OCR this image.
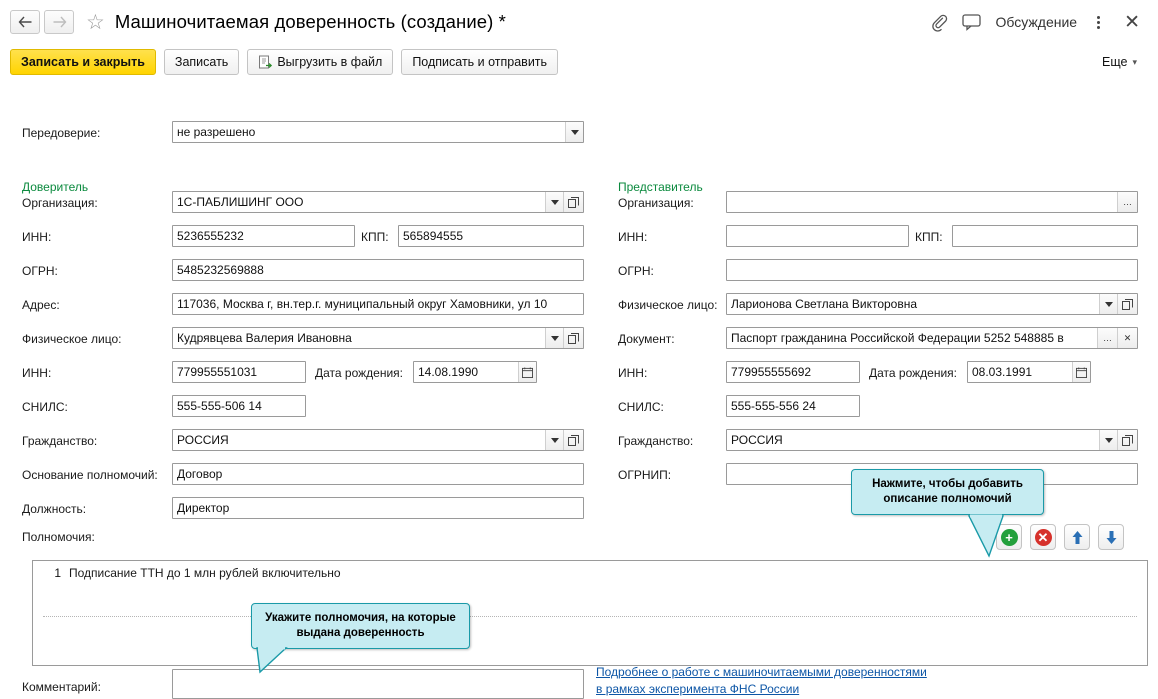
☆ Машиночитаемая доверенность (создание) *	Обсуждение ✕
Записать и закрыть	Записать	Выгрузить в файл	Подписать и отправить	Еще ▾
Передоверие:	не разрешено
Доверитель	Представитель
Организация:	1С-ПАБЛИШИНГ ООО
ИНН:	5236555232	КПП:	565894555
ОГРН:	5485232569888
Адрес:	117036, Москва г, вн.тер.г. муниципальный округ Хамовники, ул 10
Физическое лицо:	Кудрявцева Валерия Ивановна
ИНН:	779955551031	Дата рождения:	14.08.1990
СНИЛС:	555-555-506 14
Гражданство:	РОССИЯ
Основание полномочий:	Договор
Должность:	Директор
Организация:	…
ИНН:	КПП:
ОГРН:
Физическое лицо:	Ларионова Светлана Викторовна
Документ:	Паспорт гражданина Российской Федерации 5252 548885 в	…	✕
ИНН:	779955555692	Дата рождения:	08.03.1991
СНИЛС:	555-555-556 24
Гражданство:	РОССИЯ
ОГРНИП:
Полномочия:	+	✕
1 Подписание ТТН до 1 млн рублей включительно
Комментарий:
Подробнее о работе с машиночитаемыми доверенностями
в рамках эксперимента ФНС России
Нажмите, чтобы добавить
описание полномочий
Укажите полномочия, на которые
выдана доверенность
